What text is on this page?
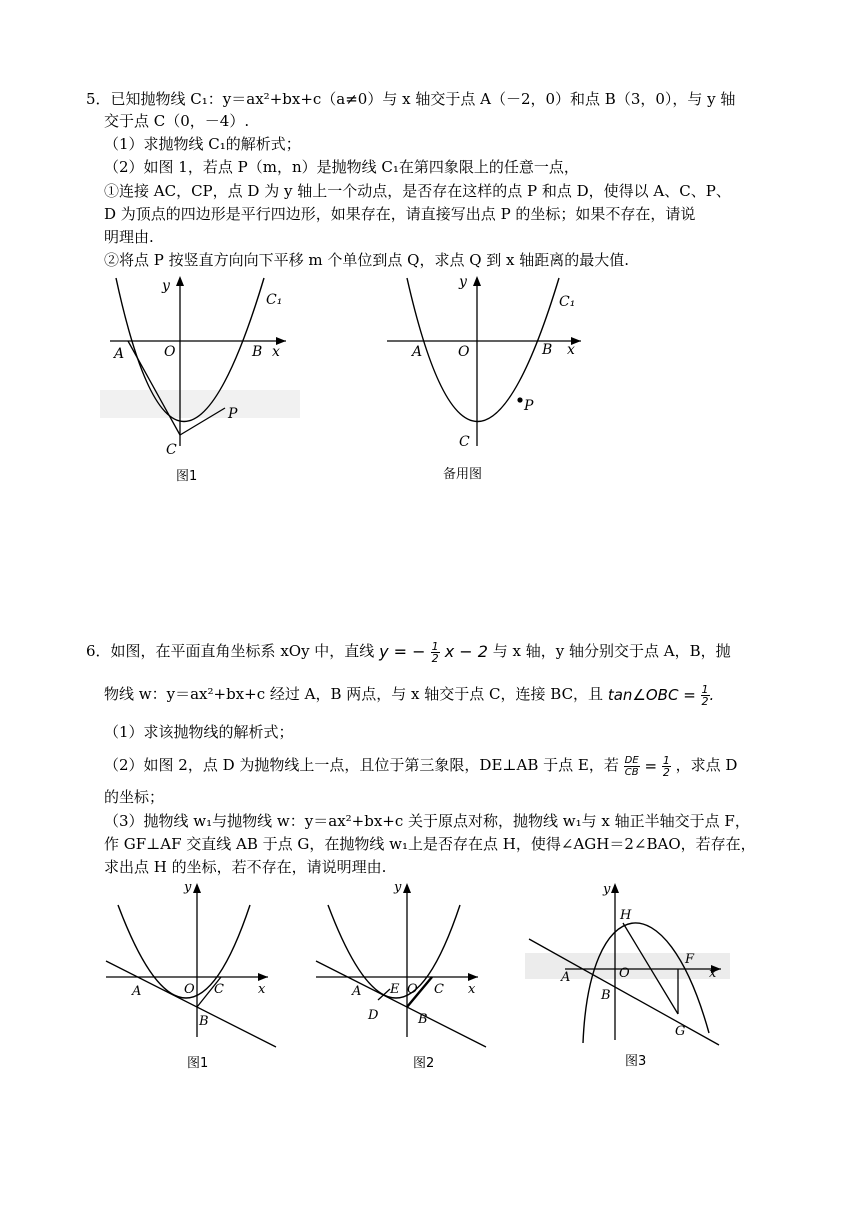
5．已知抛物线 C₁：y＝ax²+bx+c（a≠0）与 x 轴交于点 A（－2，0）和点 B（3，0），与 y 轴
交于点 C（0，－4）.
（1）求抛物线 C₁的解析式；
（2）如图 1，若点 P（m，n）是抛物线 C₁在第四象限上的任意一点，
①连接 AC，CP，点 D 为 y 轴上一个动点，是否存在这样的点 P 和点 D，使得以 A、C、P、
D 为顶点的四边形是平行四边形，如果存在，请直接写出点 P 的坐标；如果不存在，请说
明理由.
②将点 P 按竖直方向向下平移 m 个单位到点 Q，求点 Q 到 x 轴距离的最大值.
y
x
O
A	B
C
P
C₁
图1
y
x
O
A	B
C
P
C₁
备用图
6．如图，在平面直角坐标系 xOy 中，直线 y = − $\frac{1}{2}$ x − 2 与 x 轴，y 轴分别交于点 A，B，抛
物线 w：y＝ax²+bx+c 经过 A，B 两点，与 x 轴交于点 C，连接 BC，且 tan∠OBC = $\frac{1}{2}$ .
（1）求该抛物线的解析式；
（2）如图 2，点 D 为抛物线上一点，且位于第三象限，DE⊥AB 于点 E，若 $\frac{DE}{CB} = \frac{1}{2}$ ，求点 D
的坐标；
（3）抛物线 w₁与抛物线 w：y＝ax²+bx+c 关于原点对称，抛物线 w₁与 x 轴正半轴交于点 F，
作 GF⊥AF 交直线 AB 于点 G，在抛物线 w₁上是否存在点 H，使得∠AGH＝2∠BAO，若存在，
求出点 H 的坐标，若不存在，请说明理由.
y
x
O
A
B
C
图1
y
x
O
A
B
C
D
E
图2
y
x
O
A
B
F
G
H
图3
